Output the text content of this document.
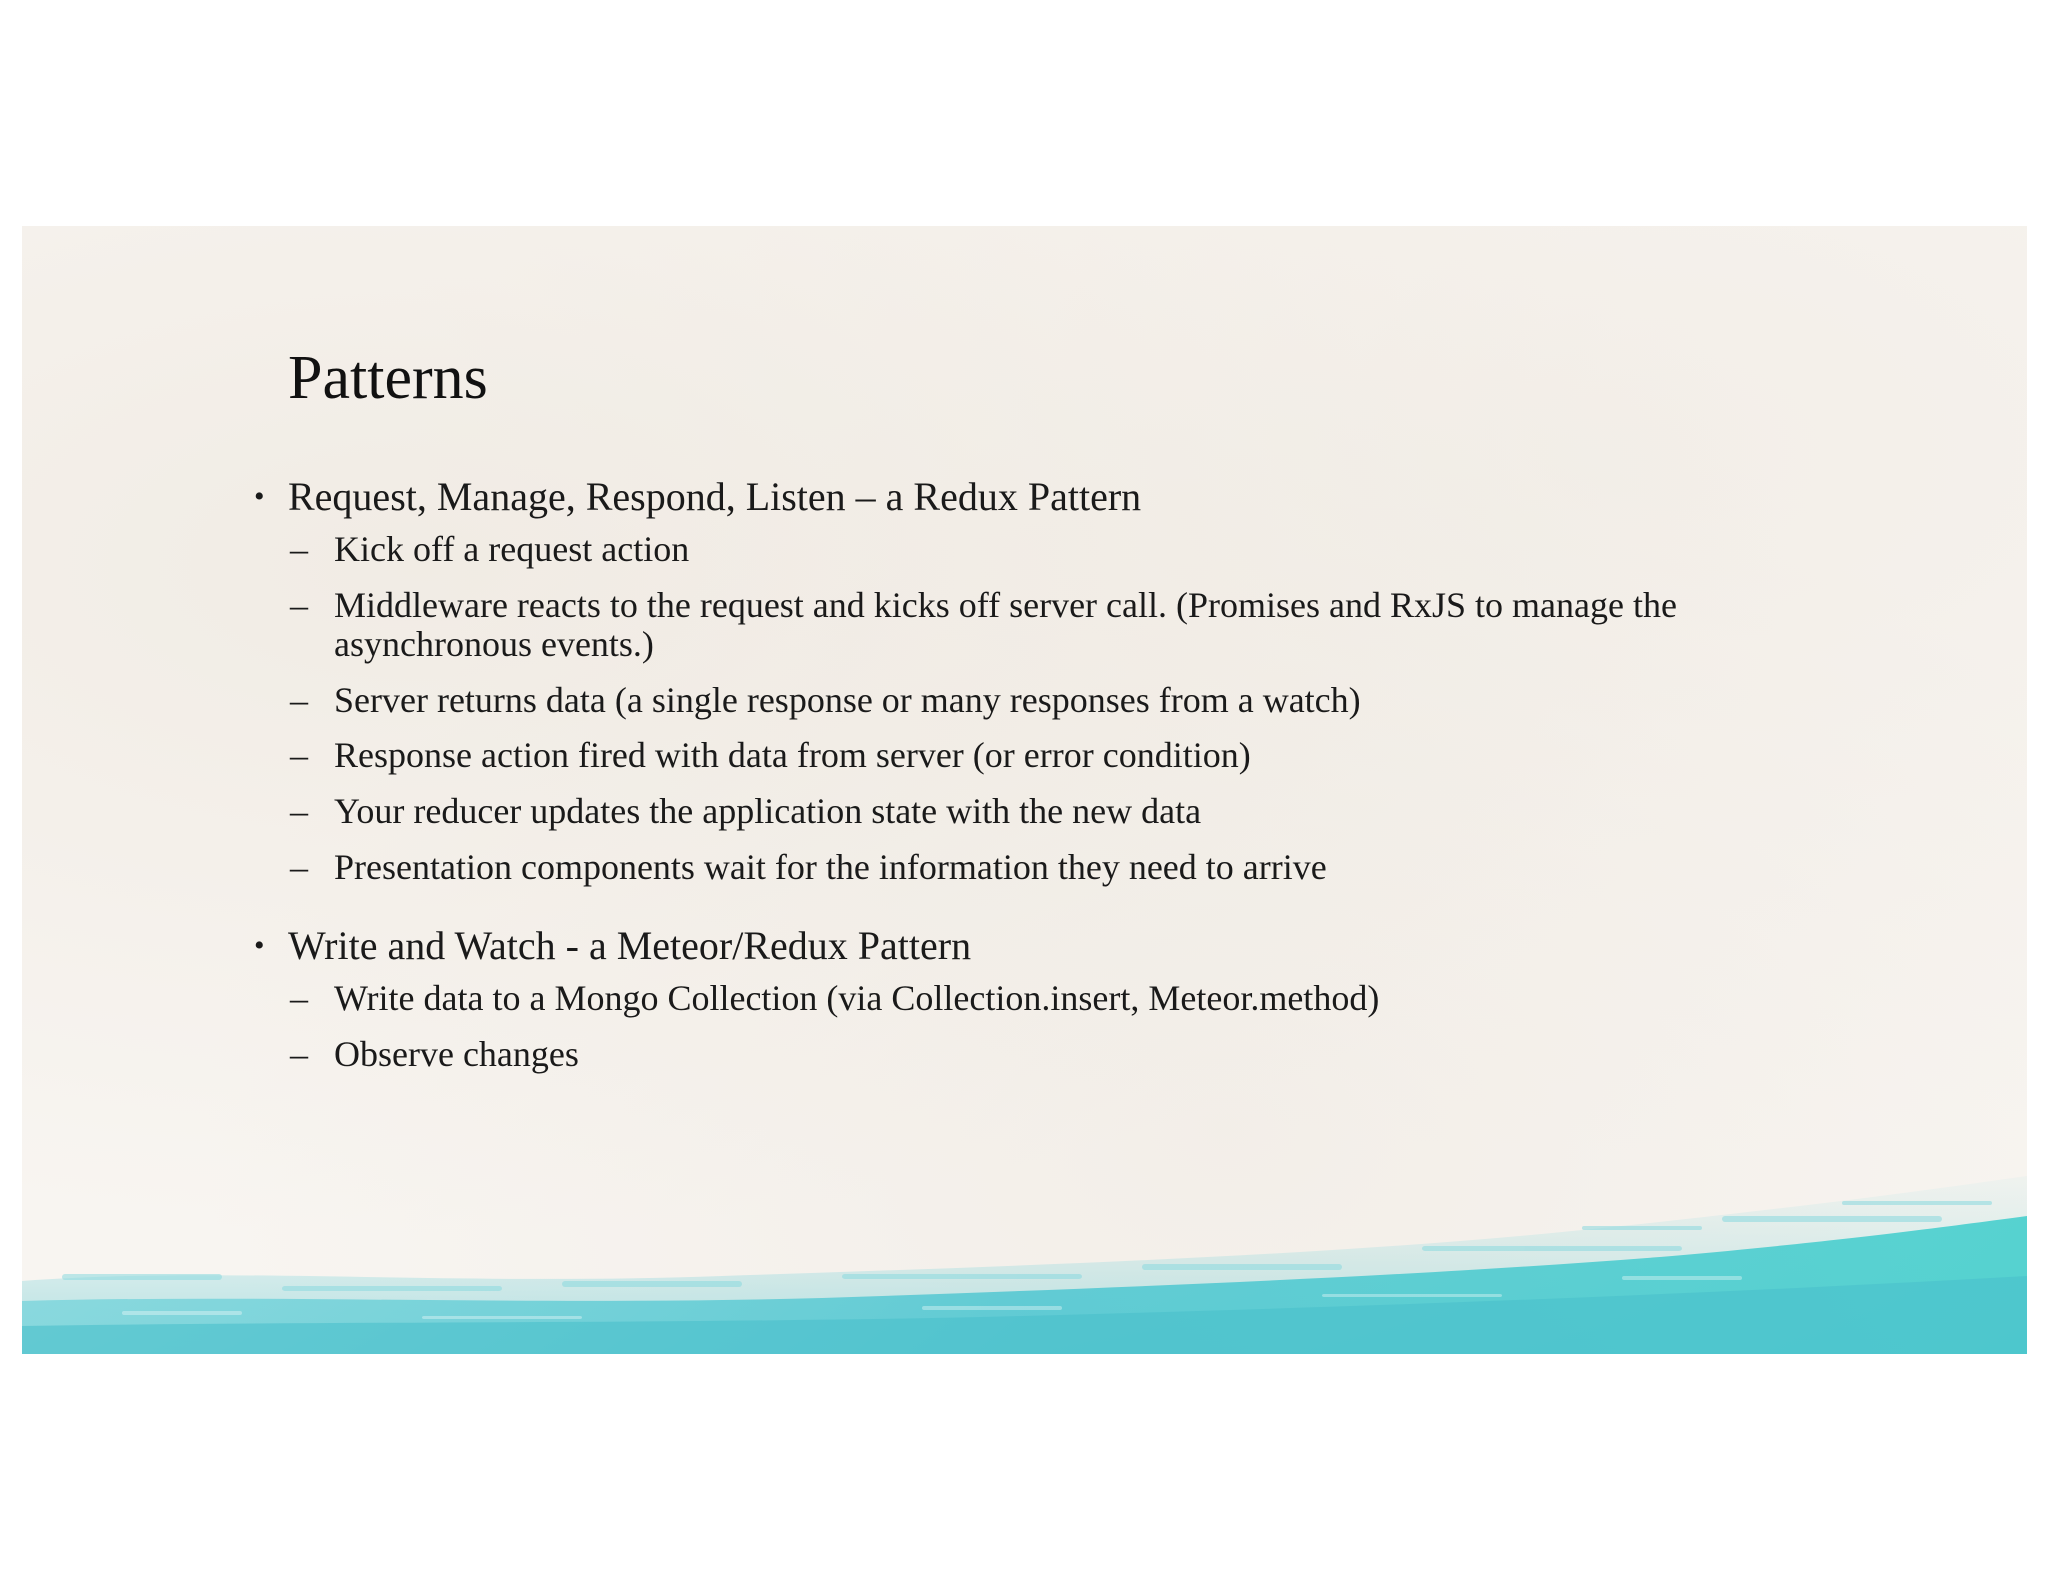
Patterns
• Request, Manage, Respond, Listen – a Redux Pattern
– Kick off a request action
– Middleware reacts to the request and kicks off server call. (Promises and RxJS to manage the asynchronous events.)
– Server returns data (a single response or many responses from a watch)
– Response action fired with data from server (or error condition)
– Your reducer updates the application state with the new data
– Presentation components wait for the information they need to arrive
• Write and Watch - a Meteor/Redux Pattern
– Write data to a Mongo Collection (via Collection.insert, Meteor.method)
– Observe changes
